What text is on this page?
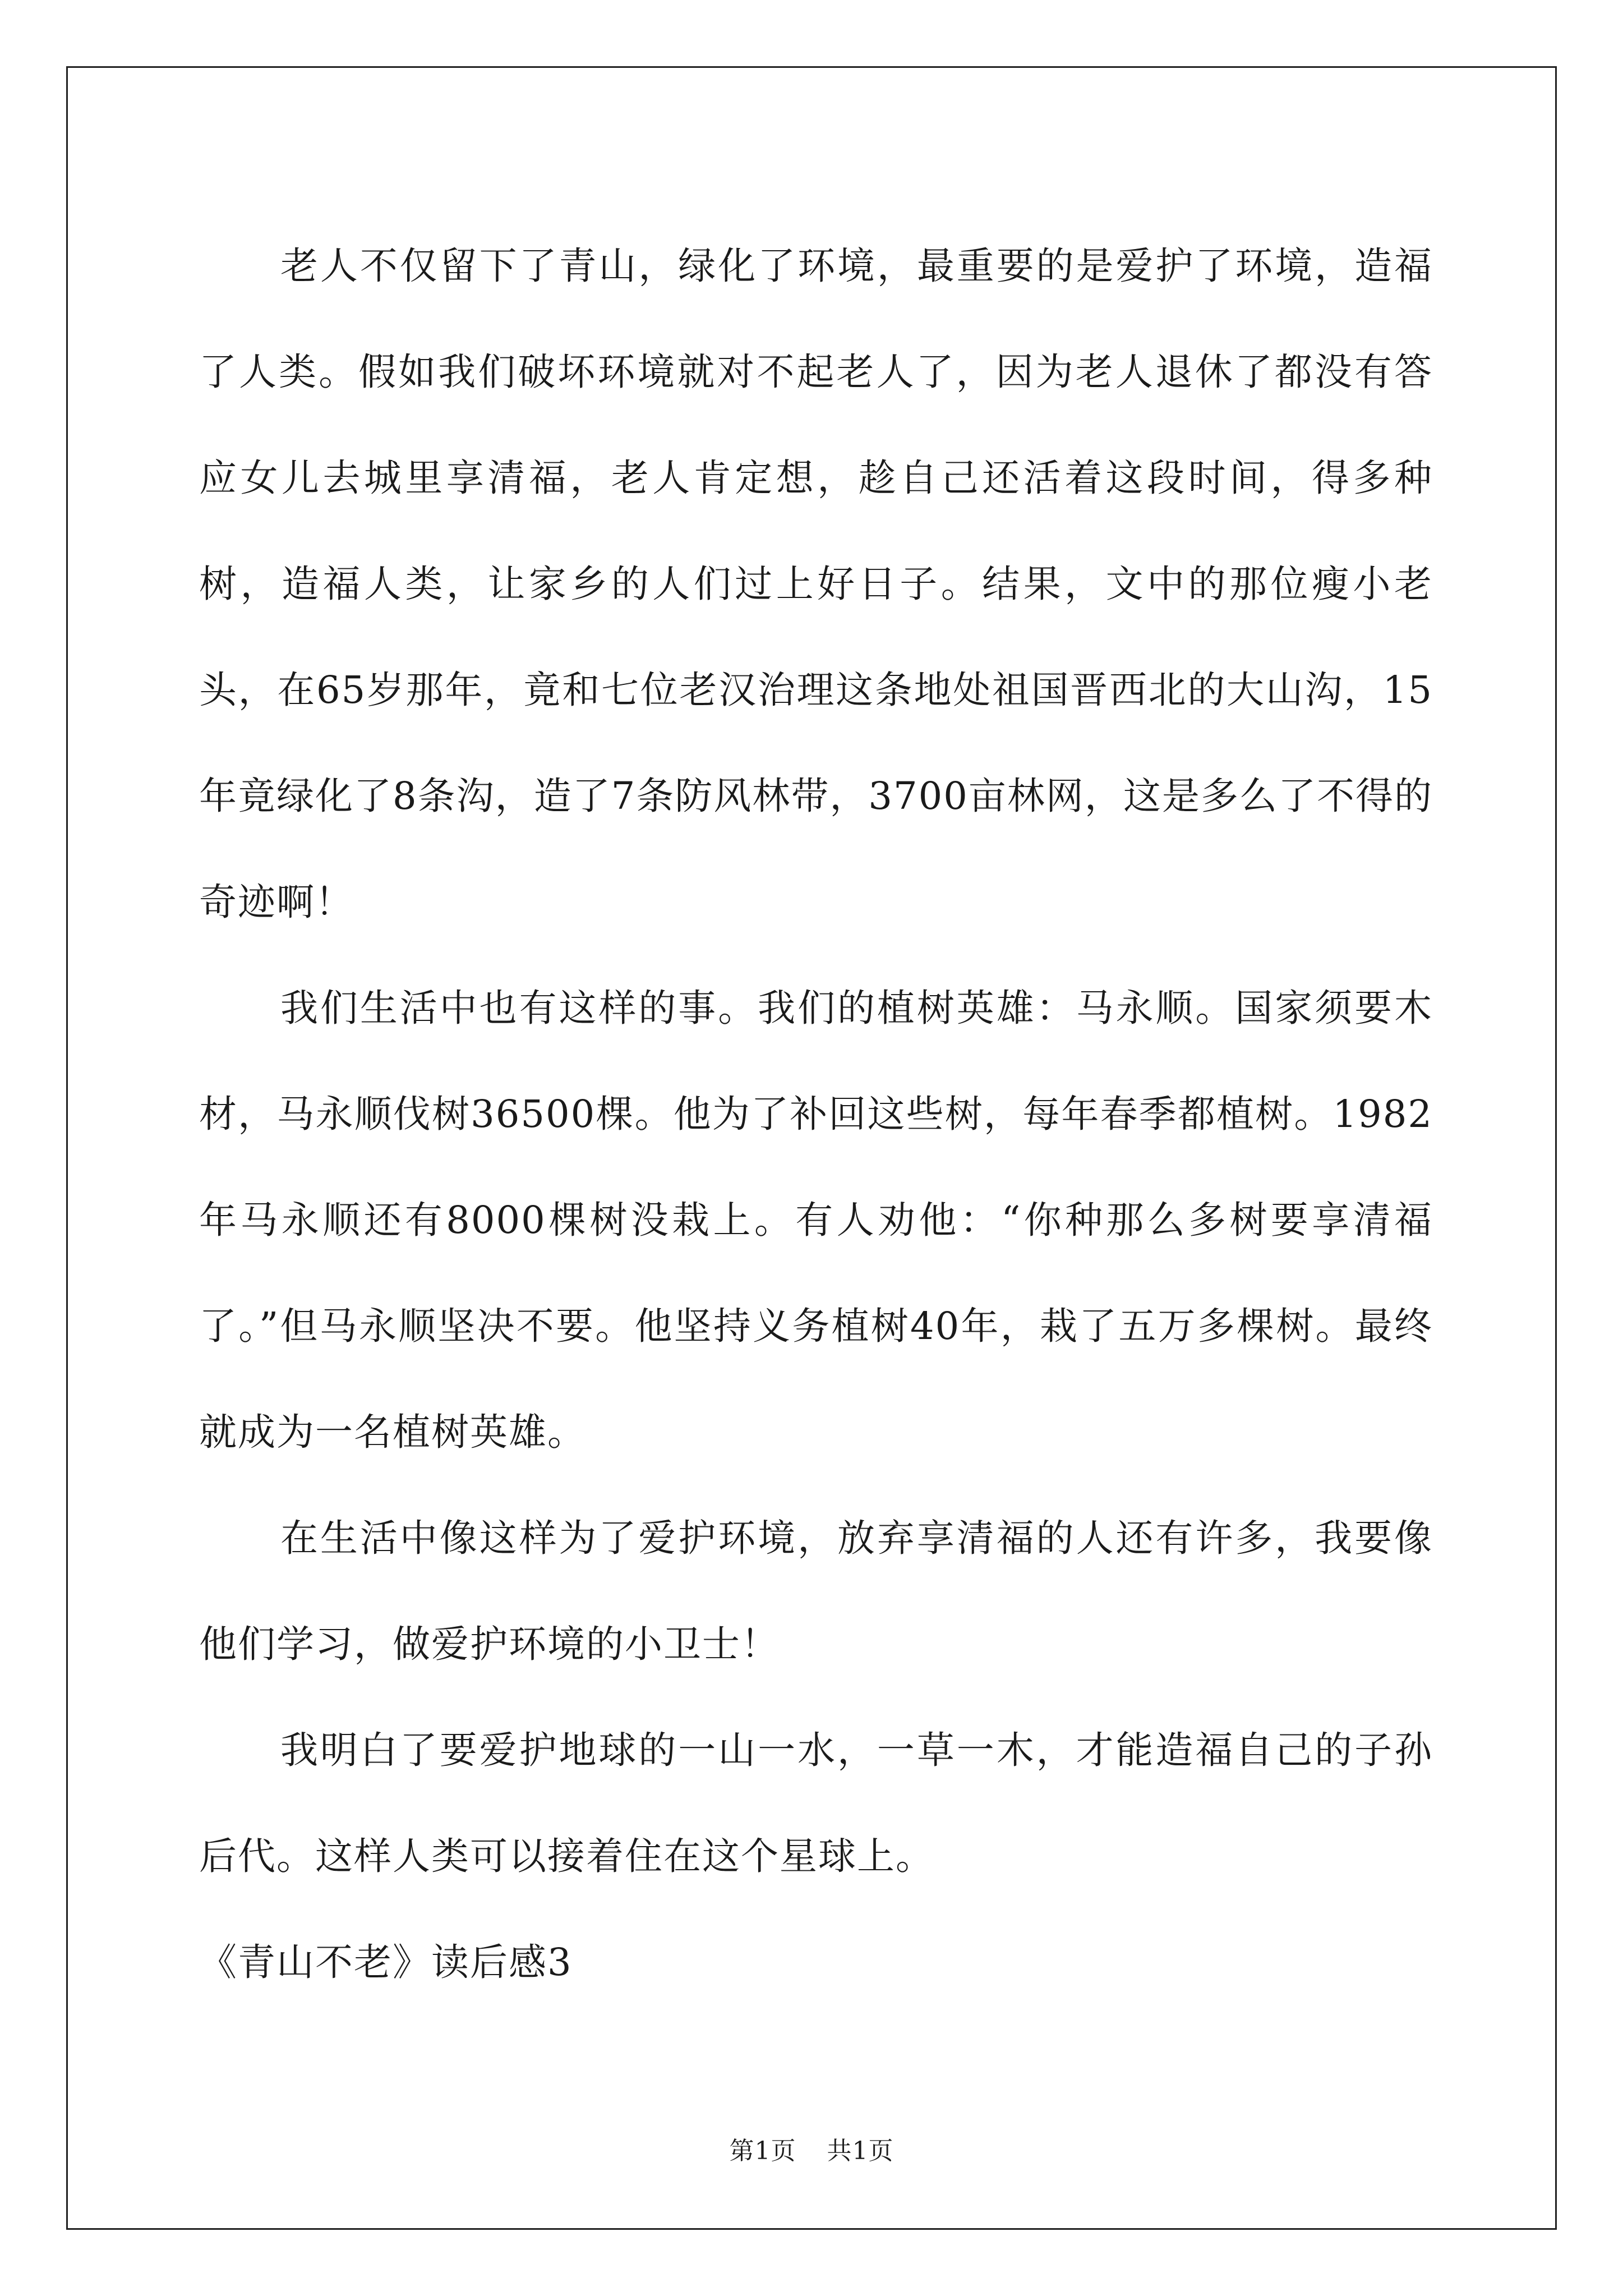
老人不仅留下了青山，绿化了环境，最重要的是爱护了环境，造福了人类。假如我们破坏环境就对不起老人了，因为老人退休了都没有答应女儿去城里享清福，老人肯定想，趁自己还活着这段时间，得多种树，造福人类，让家乡的人们过上好日子。结果，文中的那位瘦小老头，在65岁那年，竟和七位老汉治理这条地处祖国晋西北的大山沟，15年竟绿化了8条沟，造了7条防风林带，3700亩林网，这是多么了不得的奇迹啊！

我们生活中也有这样的事。我们的植树英雄：马永顺。国家须要木材，马永顺伐树36500棵。他为了补回这些树，每年春季都植树。1982年马永顺还有8000棵树没栽上。有人劝他：“你种那么多树要享清福了。”但马永顺坚决不要。他坚持义务植树40年，栽了五万多棵树。最终就成为一名植树英雄。

在生活中像这样为了爱护环境，放弃享清福的人还有许多，我要像他们学习，做爱护环境的小卫士！

我明白了要爱护地球的一山一水，一草一木，才能造福自己的子孙后代。这样人类可以接着住在这个星球上。

《青山不老》读后感3

第1页 共1页
